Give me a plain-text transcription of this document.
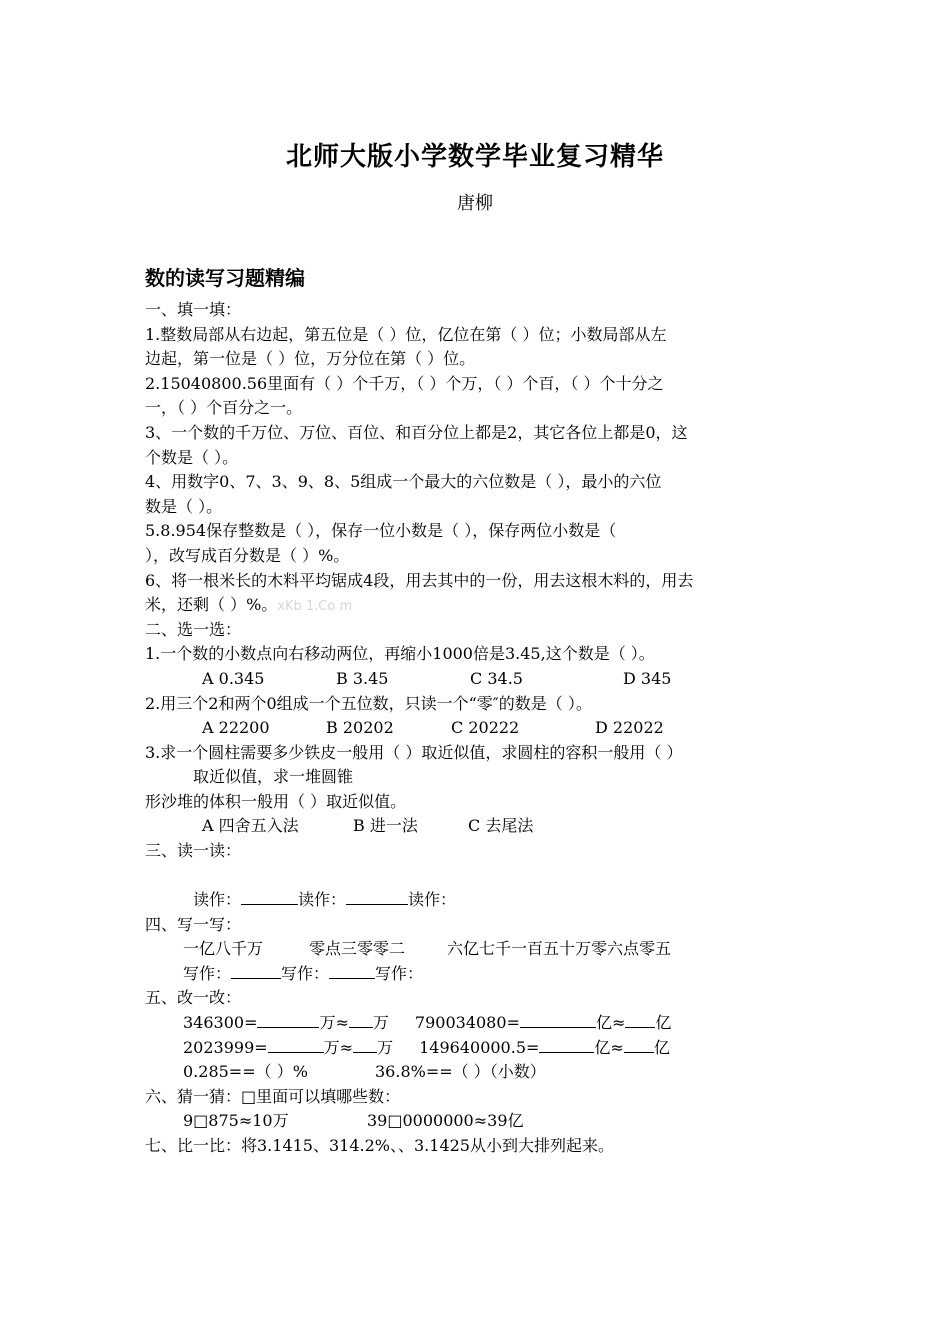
北师大版小学数学毕业复习精华
唐柳
数的读写习题精编
一、填一填：
1.整数局部从右边起，第五位是（ ）位，亿位在第（ ）位；小数局部从左
边起，第一位是（ ）位，万分位在第（ ）位。
2.15040800.56里面有（ ）个千万，（ ）个万，（ ）个百，（ ）个十分之
一，（ ）个百分之一。
3、一个数的千万位、万位、百位、和百分位上都是2，其它各位上都是0，这
个数是（ ）。
4、用数字0、7、3、9、8、5组成一个最大的六位数是（ ），最小的六位
数是（ ）。
5.8.954保存整数是（ ），保存一位小数是（ ），保存两位小数是（
），改写成百分数是（ ）%。
6、将一根米长的木料平均锯成4段，用去其中的一份，用去这根木料的，用去
米，还剩（ ）%。xKb 1.Co m
二、选一选：
1.一个数的小数点向右移动两位，再缩小1000倍是3.45,这个数是（ ）。
A 0.345	B 3.45	C 34.5	D 345
2.用三个2和两个0组成一个五位数，只读一个“零″的数是（ ）。
A 22200	B 20202	C 20222	D 22022
3.求一个圆柱需要多少铁皮一般用（ ）取近似值，求圆柱的容积一般用（ ）
取近似值，求一堆圆锥
形沙堆的体积一般用（ ）取近似值。
A 四舍五入法	B 进一法	C 去尾法
三、读一读：
读作：	读作：	读作：
四、写一写：
一亿八千万	零点三零零二	六亿七千一百五十万零六点零五
写作：	写作：	写作：
五、改一改：
346300=	万≈ 万 790034080=	亿≈ 亿
2023999=	万≈ 万 149640000.5=	亿≈ 亿
0.285==（ ）%	36.8%==（ ）（小数）
六、猜一猜：□里面可以填哪些数：
9□875≈10万	39□0000000≈39亿
七、比一比：将3.1415、314.2%、、3.1425从小到大排列起来。
